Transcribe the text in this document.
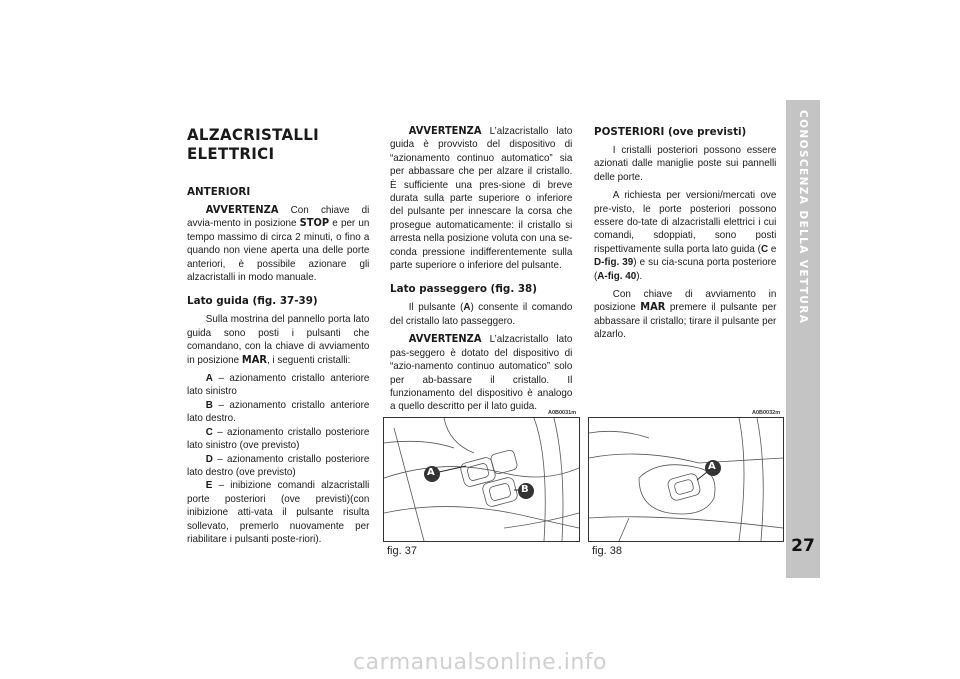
ALZACRISTALLI

ELETTRICI

ANTERIORI

AVVERTENZA Con chiave di avvia-mento in posizione STOP e per un tempo massimo di circa 2 minuti, o fino a quando non viene aperta una delle porte anteriori, è possibile azionare gli alzacristalli in modo manuale.

Lato guida (fig. 37-39)

Sulla mostrina del pannello porta lato guida sono posti i pulsanti che comandano, con la chiave di avviamento in posizione MAR, i seguenti cristalli:

A – azionamento cristallo anteriore lato sinistro

B – azionamento cristallo anteriore lato destro.

C – azionamento cristallo posteriore lato sinistro (ove previsto)

D – azionamento cristallo posteriore lato destro (ove previsto)

E – inibizione comandi alzacristalli porte posteriori (ove previsti)(con inibizione atti-vata il pulsante risulta sollevato, premerlo nuovamente per riabilitare i pulsanti poste-riori).

AVVERTENZA L’alzacristallo lato guida è provvisto del dispositivo di “azionamento continuo automatico” sia per abbassare che per alzare il cristallo. È sufficiente una pres-sione di breve durata sulla parte superiore o inferiore del pulsante per innescare la corsa che prosegue automaticamente: il cristallo si arresta nella posizione voluta con una se-conda pressione indifferentemente sulla parte superiore o inferiore del pulsante.

Lato passeggero (fig. 38)

Il pulsante (A) consente il comando del cristallo lato passeggero.

AVVERTENZA L’alzacristallo lato pas-seggero è dotato del dispositivo di “azio-namento continuo automatico” solo per ab-bassare il cristallo. Il funzionamento del dispositivo è analogo a quello descritto per il lato guida.

POSTERIORI (ove previsti)

I cristalli posteriori possono essere azionati dalle maniglie poste sui pannelli delle porte.

A richiesta per versioni/mercati ove pre-visto, le porte posteriori possono essere do-tate di alzacristalli elettrici i cui comandi, sdoppiati, sono posti rispettivamente sulla porta lato guida (C e D-fig. 39) e su cia-scuna porta posteriore (A-fig. 40).

Con chiave di avviamento in posizione MAR premere il pulsante per abbassare il cristallo; tirare il pulsante per alzarlo.

A0B0031m
A
B
fig. 37
A0B0032m
A
fig. 38
CONOSCENZA DELLA VETTURA
27
carmanualsonline.info
